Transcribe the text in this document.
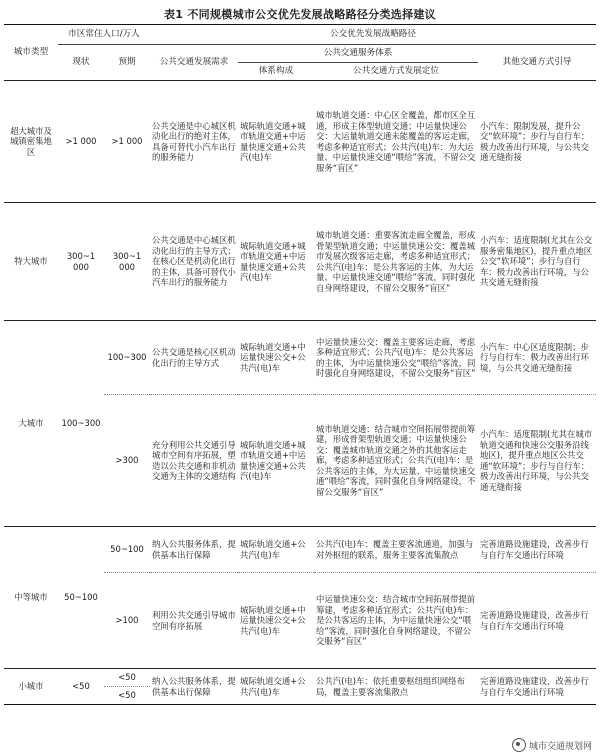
表1 不同规模城市公交优先发展战略路径分类选择建议
城市类型	市区常住人口/万人		公交优先发展战略路径			
	现状	预期	公共交通发展需求	公共交通服务体系		其他交通方式引导
				体系构成	公共交通方式发展定位	
超大城市及城镇密集地区	>1 000	>1 000	公共交通是中心城区机动化出行的绝对主体，具备可替代小汽车出行的服务能力	城际轨道交通+城市轨道交通+中运量快速交通+公共汽(电)车	城市轨道交通：中心区全覆盖，都市区全互通，形成主体型轨道交通；中运量快速公交：大运量轨道交通未能覆盖的客运走廊，考虑多种适宜形式；公共汽(电)车：为大运量、中运量快速交通“喂给”客流，不留公交服务“盲区”	小汽车：限制发展，提升公交“软环境”；步行与自行车：极力改善出行环境，与公共交通无缝衔接
特大城市	300~1 000	300~1 000	公共交通是中心城区机动化出行的主导方式；在核心区是机动化出行的主体，具备可替代小汽车出行的服务能力	城际轨道交通+城市轨道交通+中运量快速交通+公共汽(电)车	城市轨道交通：重要客流走廊全覆盖，形成骨架型轨道交通；中运量快速公交：覆盖城市发展次级客运走廊，考虑多种适宜形式；公共汽(电)车：是公共客运的主体，为大运量、中运量快速交通“喂给”客流，同时强化自身网络建设，不留公交服务“盲区”	小汽车：适度限制(尤其在公交服务密集地区)，提升重点地区公交“软环境”；步行与自行车：极力改善出行环境，与公共交通无缝衔接
大城市	100~300	100~300	公共交通是核心区机动化出行的主导方式	城际轨道交通+中运量快速公交+公共汽(电)车	中运量快速公交：覆盖主要客运走廊，考虑多种适宜形式；公共汽(电)车：是公共客运的主体，为中运量快速公交“喂给”客流，同时强化自身网络建设，不留公交服务“盲区”	小汽车：中心区适度限制；步行与自行车：极力改善出行环境，与公共交通无缝衔接
		>300	充分利用公共交通引导城市空间有序拓展，塑造以公共交通和非机动交通为主体的交通结构	城际轨道交通+城市轨道交通+中运量快速交通+公共汽(电)车	城市轨道交通：结合城市空间拓展带提前筹建，形成骨架型轨道交通；中运量快速公交：覆盖城市轨道交通之外的其他客运走廊，考虑多种适宜形式；公共汽(电)车：是公共客运的主体，为大运量、中运量快速交通“喂给”客流，同时强化自身网络建设，不留公交服务“盲区”	小汽车：适度限制(尤其在城市轨道交通和快速公交服务沿线地区)，提升重点地区公共交通“软环境”；步行与自行车：极力改善出行环境，与公共交通无缝衔接
中等城市	50~100	50~100	纳入公共服务体系，提供基本出行保障	城际轨道交通+公共汽(电)车	公共汽(电)车：覆盖主要客流通道，加强与对外枢纽的联系，服务主要客流集散点	完善道路设施建设，改善步行与自行车交通出行环境
		>100	利用公共交通引导城市空间有序拓展	城际轨道交通+中运量快速公交+公共汽(电)车	中运量快速公交：结合城市空间拓展带提前筹建，考虑多种适宜形式；公共汽(电)车：是公共客运的主体，为中运量快速公交“喂给”客流，同时强化自身网络建设，不留公交服务“盲区”	完善道路设施建设，改善步行与自行车交通出行环境
小城市	<50	<50	纳入公共服务体系，提供基本出行保障	城际轨道交通+公共汽(电)车	公共汽(电)车：依托重要枢纽组织网络布局，覆盖主要客流集散点	完善道路设施建设，改善步行与自行车交通出行环境
		<50				
城市交通规划网
